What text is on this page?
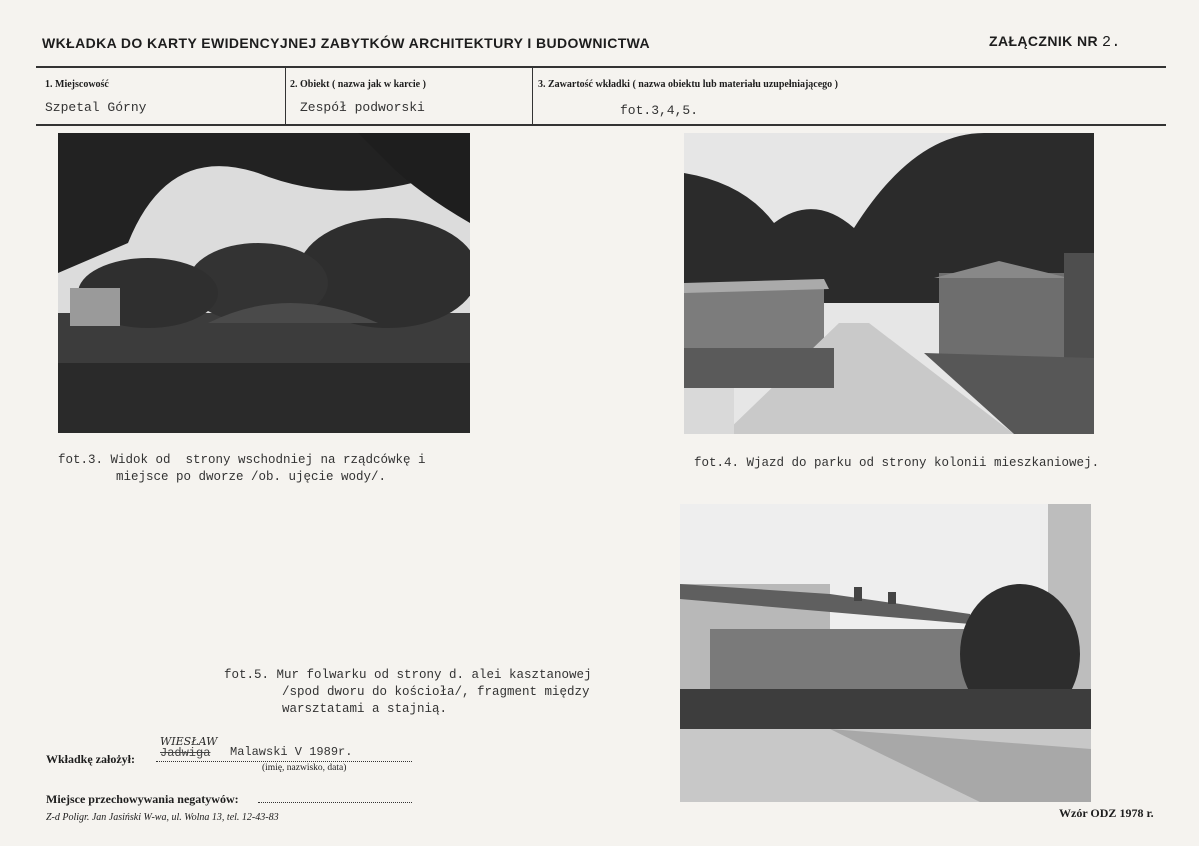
WKŁADKA DO KARTY EWIDENCYJNEJ ZABYTKÓW ARCHITEKTURY I BUDOWNICTWA	ZAŁĄCZNIK NR 2.
1. Miejscowość
Szpetal Górny
2. Obiekt ( nazwa jak w karcie )
Zespół podworski
3. Zawartość wkładki ( nazwa obiektu lub materiału uzupełniającego )
fot.3,4,5.
fot.3. Widok od  strony wschodniej na rządcówkę i
miejsce po dworze /ob. ujęcie wody/.
fot.4. Wjazd do parku od strony kolonii mieszkaniowej.
fot.5. Mur folwarku od strony d. alei kasztanowej
/spod dworu do kościoła/, fragment między
warsztatami a stajnią.
Wkładkę założył:
WIESŁAW
Jadwiga Malawski V 1989r.
(imię, nazwisko, data)
Miejsce przechowywania negatywów:
Z-d Poligr. Jan Jasiński W-wa, ul. Wolna 13, tel. 12-43-83	Wzór ODZ 1978 r.
